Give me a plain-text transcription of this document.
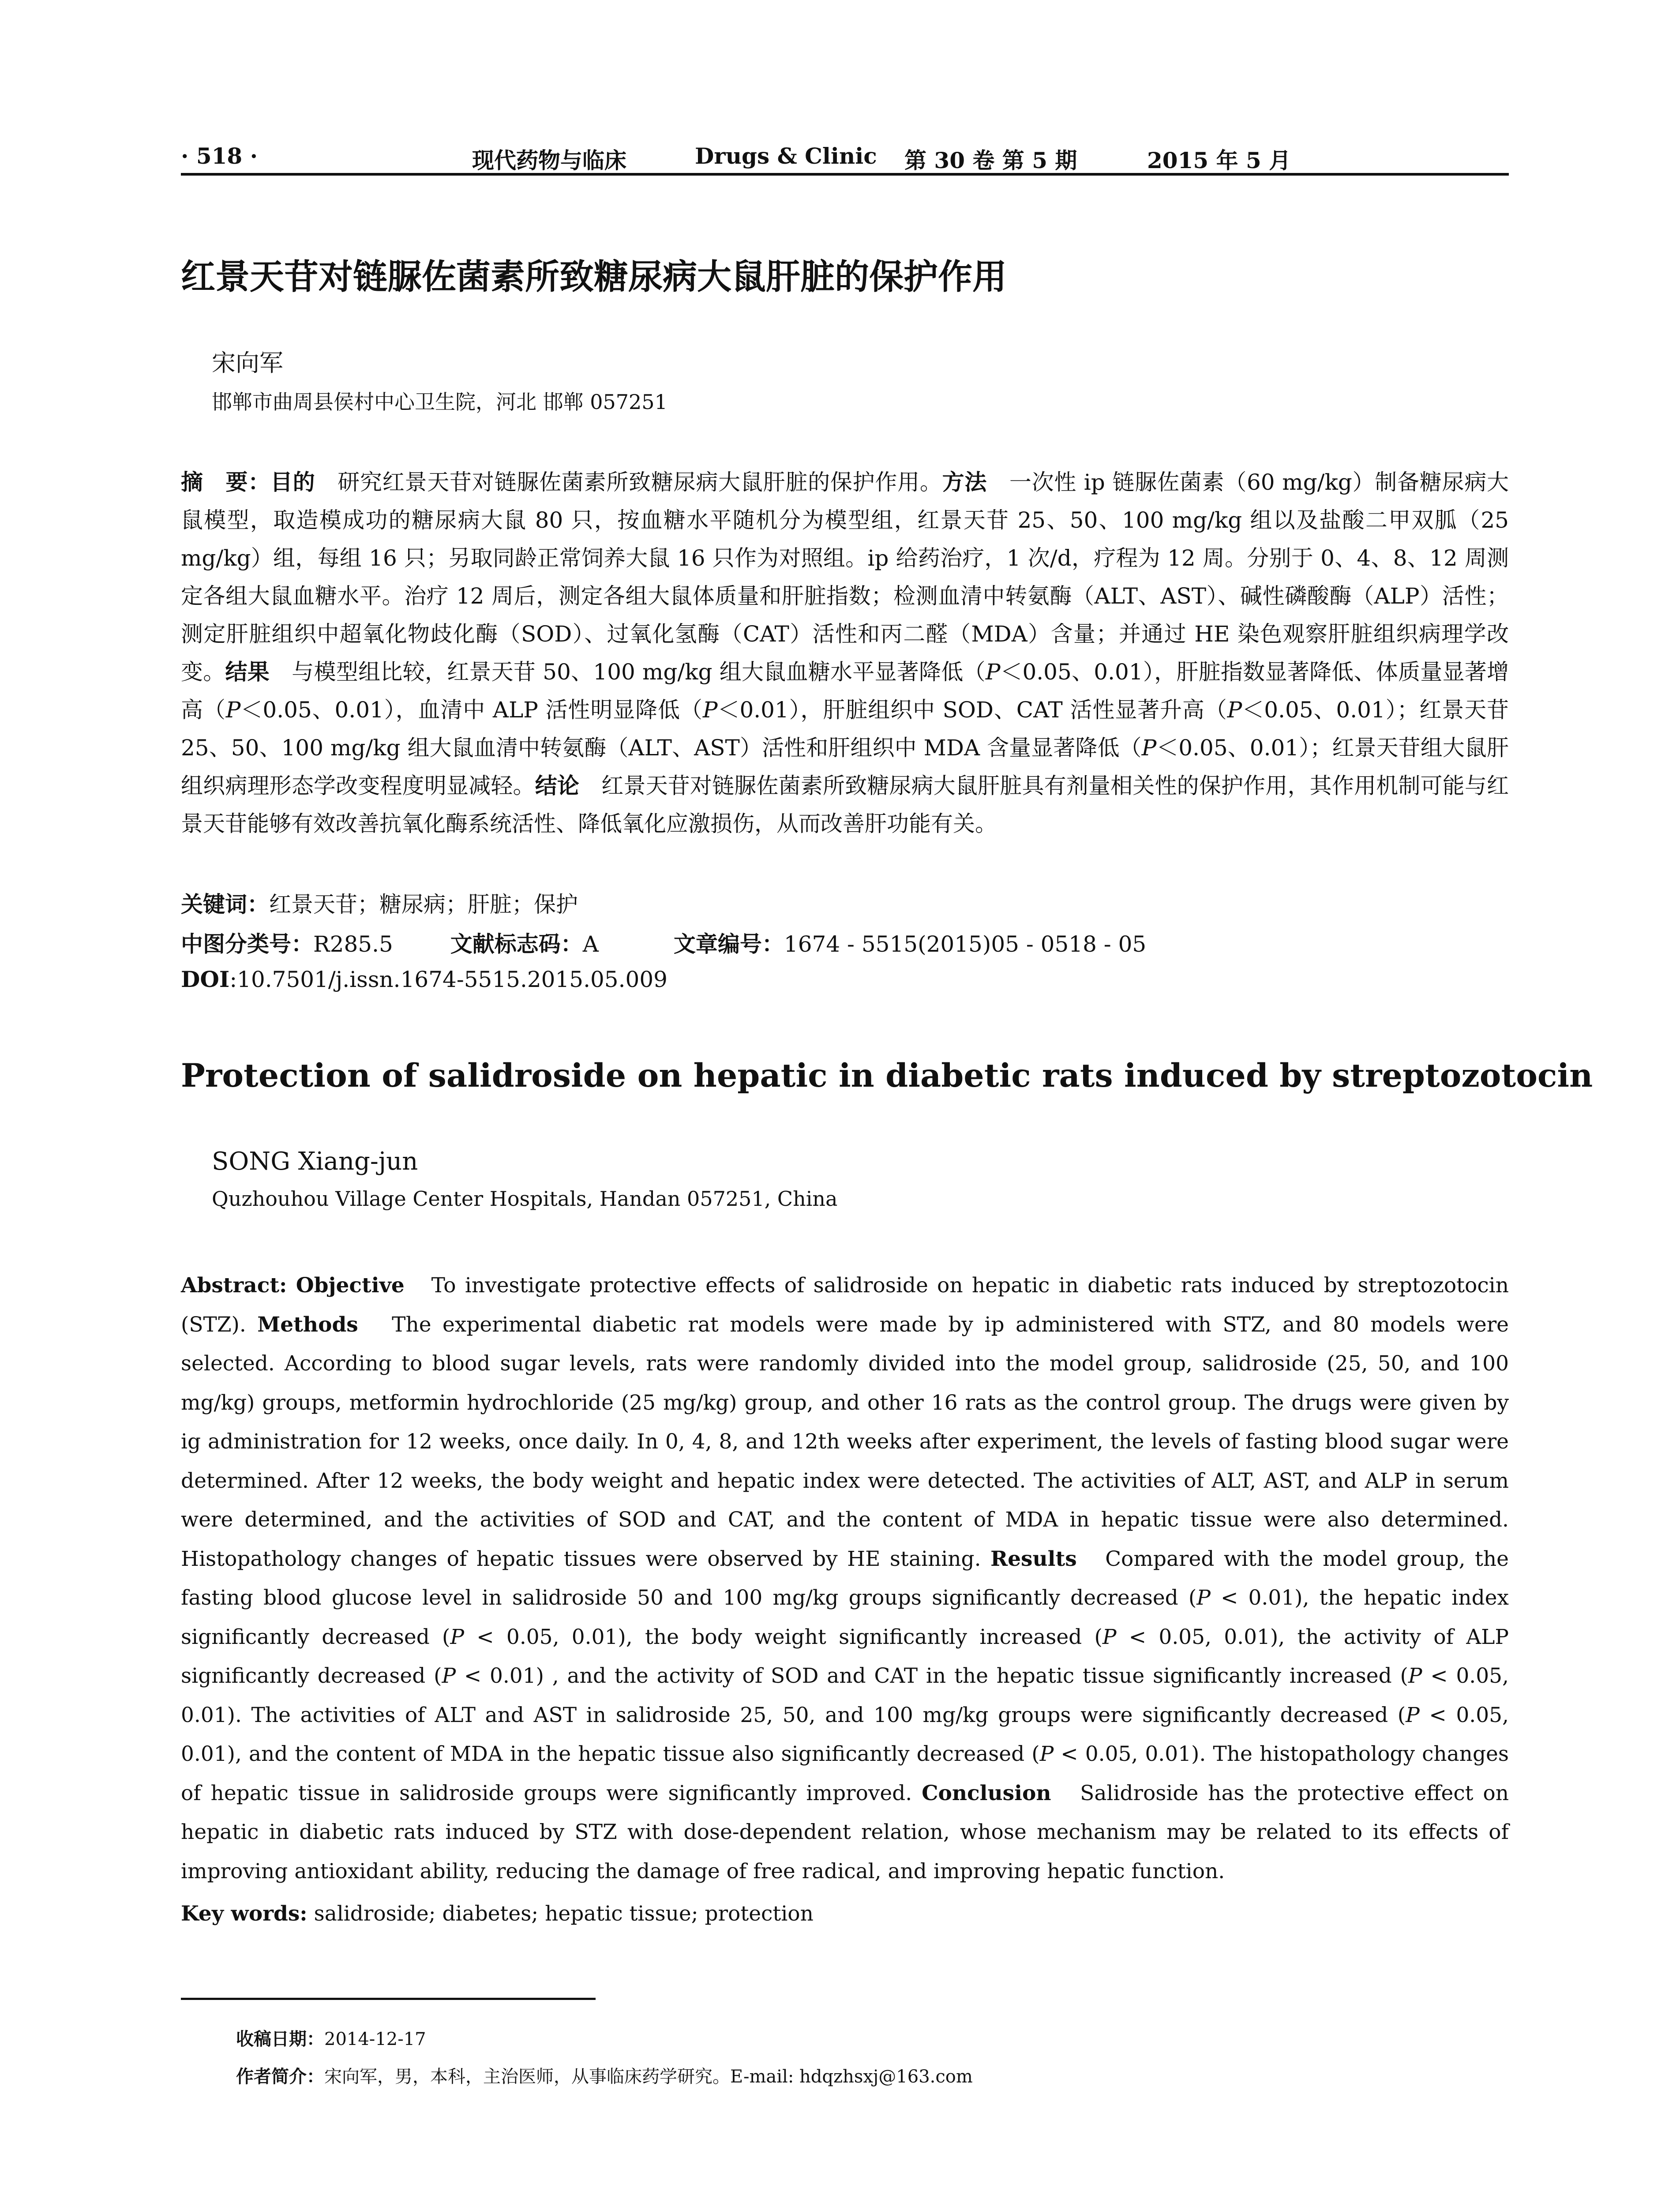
· 518 ·	现代药物与临床	Drugs & Clinic 第 30 卷 第 5 期	2015 年 5 月
红景天苷对链脲佐菌素所致糖尿病大鼠肝脏的保护作用
宋向军
邯郸市曲周县侯村中心卫生院，河北 邯郸 057251
摘　要：目的　 研究红景天苷对链脲佐菌素所致糖尿病大鼠肝脏的保护作用。方法　 一次性 ip 链脲佐菌素（60 mg/kg）制备糖尿病大鼠模型，取造模成功的糖尿病大鼠 80 只，按血糖水平随机分为模型组，红景天苷 25、50、100 mg/kg 组以及盐酸二甲双胍（25 mg/kg）组，每组 16 只；另取同龄正常饲养大鼠 16 只作为对照组。ip 给药治疗，1 次/d，疗程为 12 周。分别于 0、4、8、12 周测定各组大鼠血糖水平。治疗 12 周后，测定各组大鼠体质量和肝脏指数；检测血清中转氨酶（ALT、AST）、碱性磷酸酶（ALP）活性；测定肝脏组织中超氧化物歧化酶（SOD）、过氧化氢酶（CAT）活性和丙二醛（MDA）含量；并通过 HE 染色观察肝脏组织病理学改变。结果　 与模型组比较，红景天苷 50、100 mg/kg 组大鼠血糖水平显著降低（P＜0.05、0.01），肝脏指数显著降低、体质量显著增高（P＜0.05、0.01），血清中 ALP 活性明显降低（P＜0.01），肝脏组织中 SOD、CAT 活性显著升高（P＜0.05、0.01）；红景天苷 25、50、100 mg/kg 组大鼠血清中转氨酶（ALT、AST）活性和肝组织中 MDA 含量显著降低（P＜0.05、0.01）；红景天苷组大鼠肝组织病理形态学改变程度明显减轻。结论　 红景天苷对链脲佐菌素所致糖尿病大鼠肝脏具有剂量相关性的保护作用，其作用机制可能与红景天苷能够有效改善抗氧化酶系统活性、降低氧化应激损伤，从而改善肝功能有关。
关键词：红景天苷；糖尿病；肝脏；保护
中图分类号：R285.5	文献标志码：A	文章编号：1674 - 5515(2015)05 - 0518 - 05
DOI:10.7501/j.issn.1674-5515.2015.05.009
Protection of salidroside on hepatic in diabetic rats induced by streptozotocin
SONG Xiang-jun
Quzhouhou Village Center Hospitals, Handan 057251, China
Abstract: Objective To investigate protective effects of salidroside on hepatic in diabetic rats induced by streptozotocin (STZ). Methods The experimental diabetic rat models were made by ip administered with STZ, and 80 models were selected. According to blood sugar levels, rats were randomly divided into the model group, salidroside (25, 50, and 100 mg/kg) groups, metformin hydrochloride (25 mg/kg) group, and other 16 rats as the control group. The drugs were given by ig administration for 12 weeks, once daily. In 0, 4, 8, and 12th weeks after experiment, the levels of fasting blood sugar were determined. After 12 weeks, the body weight and hepatic index were detected. The activities of ALT, AST, and ALP in serum were determined, and the activities of SOD and CAT, and the content of MDA in hepatic tissue were also determined. Histopathology changes of hepatic tissues were observed by HE staining. Results Compared with the model group, the fasting blood glucose level in salidroside 50 and 100 mg/kg groups significantly decreased (P < 0.01), the hepatic index significantly decreased (P < 0.05, 0.01), the body weight significantly increased (P < 0.05, 0.01), the activity of ALP significantly decreased (P < 0.01) , and the activity of SOD and CAT in the hepatic tissue significantly increased (P < 0.05, 0.01). The activities of ALT and AST in salidroside 25, 50, and 100 mg/kg groups were significantly decreased (P < 0.05, 0.01), and the content of MDA in the hepatic tissue also significantly decreased (P < 0.05, 0.01). The histopathology changes of hepatic tissue in salidroside groups were significantly improved. Conclusion Salidroside has the protective effect on hepatic in diabetic rats induced by STZ with dose-dependent relation, whose mechanism may be related to its effects of improving antioxidant ability, reducing the damage of free radical, and improving hepatic function.
Key words: salidroside; diabetes; hepatic tissue; protection
收稿日期：2014-12-17
作者简介：宋向军，男，本科，主治医师，从事临床药学研究。E-mail: hdqzhsxj@163.com
